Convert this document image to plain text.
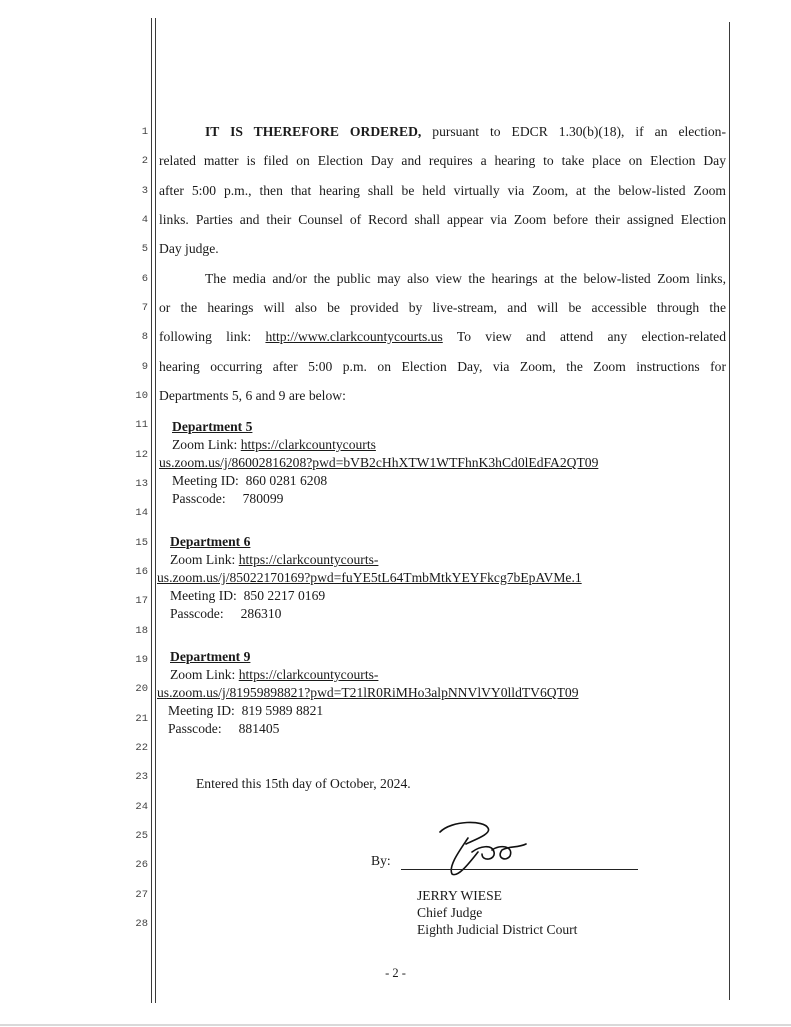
1
2
3
4
5
6
7
8
9
10
11
12
13
14
15
16
17
18
19
20
21
22
23
24
25
26
27
28
IT IS THEREFORE ORDERED, pursuant to EDCR 1.30(b)(18), if an election-
related matter is filed on Election Day and requires a hearing to take place on Election Day
after 5:00 p.m., then that hearing shall be held virtually via Zoom, at the below-listed Zoom
links. Parties and their Counsel of Record shall appear via Zoom before their assigned Election
Day judge.
The media and/or the public may also view the hearings at the below-listed Zoom links,
or the hearings will also be provided by live-stream, and will be accessible through the
following link: http://www.clarkcountycourts.us To view and attend any election-related
hearing occurring after 5:00 p.m. on Election Day, via Zoom, the Zoom instructions for
Departments 5, 6 and 9 are below:
Department 5
Zoom Link: https://clarkcountycourts
us.zoom.us/j/86002816208?pwd=bVB2cHhXTW1WTFhnK3hCd0lEdFA2QT09
Meeting ID: 860 0281 6208
Passcode: 780099
Department 6
Zoom Link: https://clarkcountycourts-
us.zoom.us/j/85022170169?pwd=fuYE5tL64TmbMtkYEYFkcg7bEpAVMe.1
Meeting ID: 850 2217 0169
Passcode: 286310
Department 9
Zoom Link: https://clarkcountycourts-
us.zoom.us/j/81959898821?pwd=T21lR0RiMHo3alpNNVlVY0lldTV6QT09
Meeting ID: 819 5989 8821
Passcode: 881405
Entered this 15th day of October, 2024.
By:
JERRY WIESE
Chief Judge
Eighth Judicial District Court
- 2 -
